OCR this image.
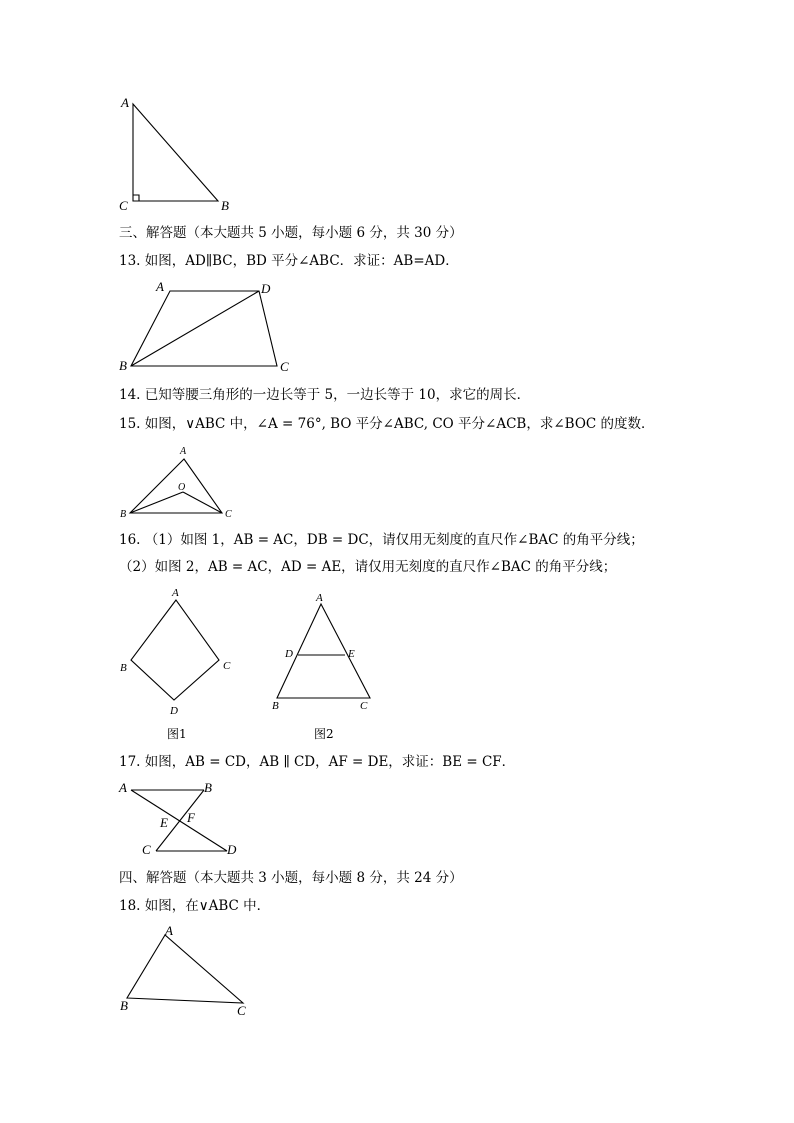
A
C	B
三、解答题（本大题共 5 小题，每小题 6 分，共 30 分）
13. 如图，AD∥BC，BD 平分∠ABC．求证：AB=AD．
A	D
B	C
14. 已知等腰三角形的一边长等于 5，一边长等于 10，求它的周长．
15. 如图，∨ABC 中，∠A = 76°, BO 平分∠ABC, CO 平分∠ACB，求∠BOC 的度数．
A
O
B	C
16. （1）如图 1，AB = AC，DB = DC，请仅用无刻度的直尺作∠BAC 的角平分线；
（2）如图 2，AB = AC，AD = AE，请仅用无刻度的直尺作∠BAC 的角平分线；
A
B	C
D
图1
A
D	E
B	C
图2
17. 如图，AB = CD，AB ∥ CD，AF = DE，求证：BE = CF．
A	B
E F
C	D
四、解答题（本大题共 3 小题，每小题 8 分，共 24 分）
18. 如图，在∨ABC 中．
A
B	C
